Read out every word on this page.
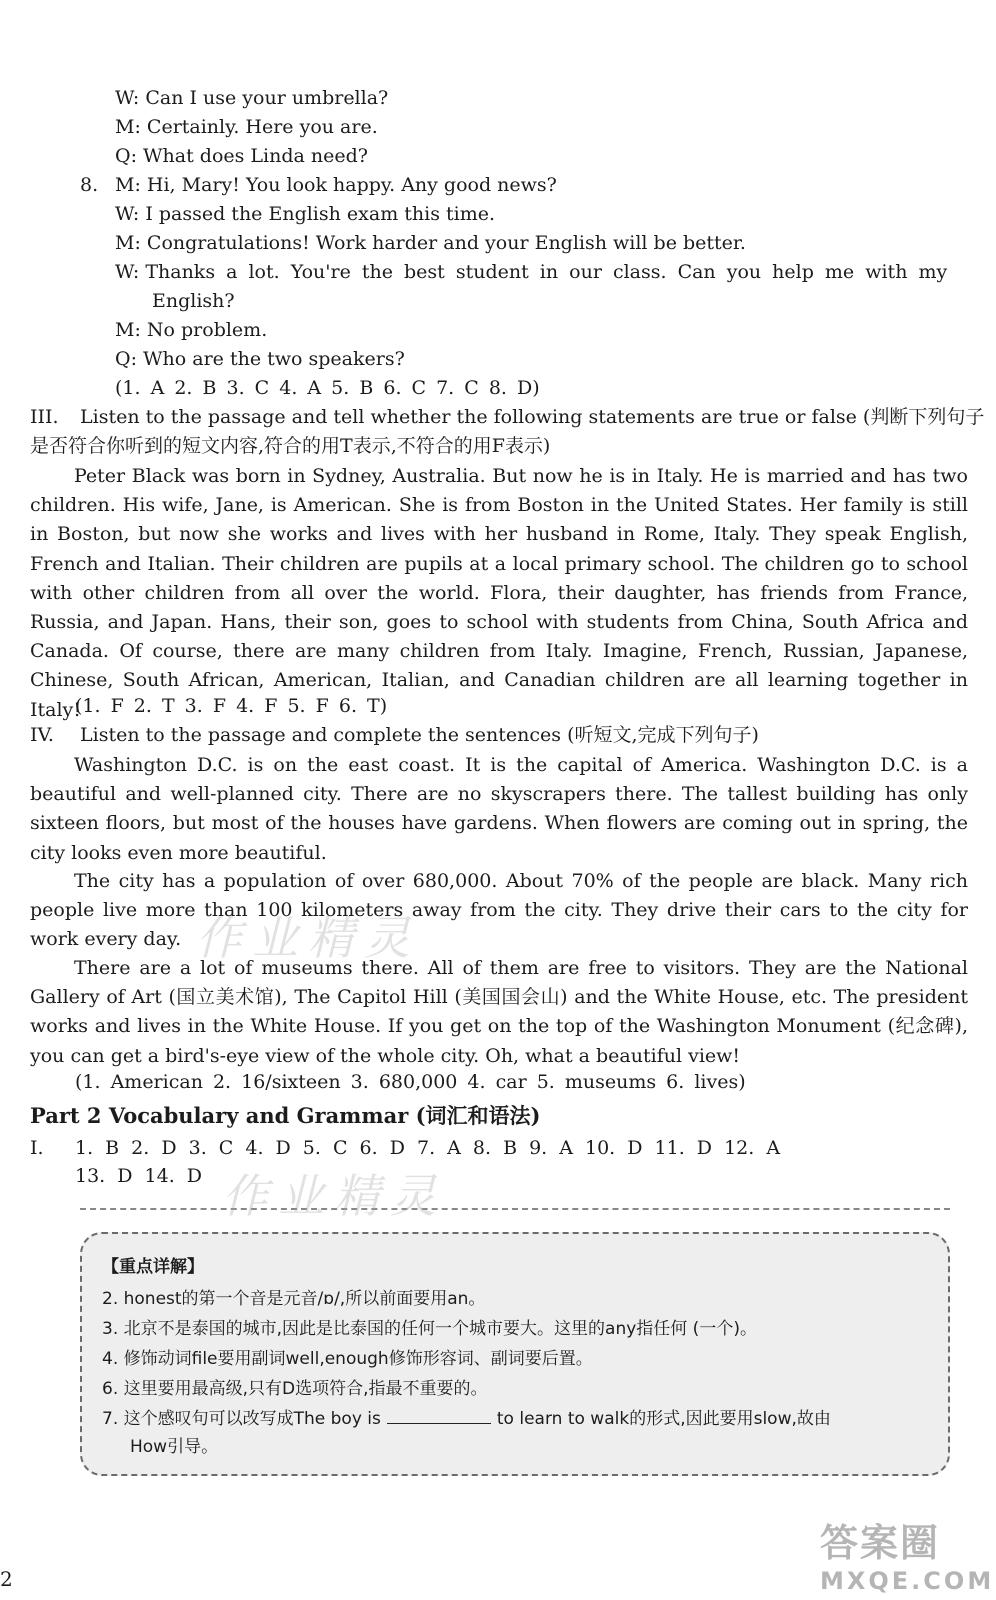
W: Can I use your umbrella?
M: Certainly. Here you are.
Q: What does Linda need?
8. M: Hi, Mary! You look happy. Any good news?
W: I passed the English exam this time.
M: Congratulations! Work harder and your English will be better.
W: Thanks a lot. You're the best student in our class. Can you help me with my
English?
M: No problem.
Q: Who are the two speakers?
(1. A 2. B 3. C 4. A 5. B 6. C 7. C 8. D)
III. Listen to the passage and tell whether the following statements are true or false (判断下列句子
是否符合你听到的短文内容,符合的用T表示,不符合的用F表示)

Peter Black was born in Sydney, Australia. But now he is in Italy. He is married and has two children. His wife, Jane, is American. She is from Boston in the United States. Her family is still in Boston, but now she works and lives with her husband in Rome, Italy. They speak English, French and Italian. Their children are pupils at a local primary school. The children go to school with other children from all over the world. Flora, their daughter, has friends from France, Russia, and Japan. Hans, their son, goes to school with students from China, South Africa and Canada. Of course, there are many children from Italy. Imagine, French, Russian, Japanese, Chinese, South African, American, Italian, and Canadian children are all learning together in Italy!

(1. F 2. T 3. F 4. F 5. F 6. T)
IV. Listen to the passage and complete the sentences (听短文,完成下列句子)

Washington D.C. is on the east coast. It is the capital of America. Washington D.C. is a beautiful and well-planned city. There are no skyscrapers there. The tallest building has only sixteen floors, but most of the houses have gardens. When flowers are coming out in spring, the city looks even more beautiful.

The city has a population of over 680,000. About 70% of the people are black. Many rich people live more than 100 kilometers away from the city. They drive their cars to the city for work every day.

There are a lot of museums there. All of them are free to visitors. They are the National Gallery of Art (国立美术馆), The Capitol Hill (美国国会山) and the White House, etc. The president works and lives in the White House. If you get on the top of the Washington Monument (纪念碑), you can get a bird's-eye view of the whole city. Oh, what a beautiful view!

(1. American 2. 16/sixteen 3. 680,000 4. car 5. museums 6. lives)
Part 2 Vocabulary and Grammar (词汇和语法)
I. 1. B 2. D 3. C 4. D 5. C 6. D 7. A 8. B 9. A 10. D 11. D 12. A
13. D 14. D
【重点详解】
2. honest的第一个音是元音/ɒ/,所以前面要用an。
3. 北京不是泰国的城市,因此是比泰国的任何一个城市要大。这里的any指任何 (一个)。
4. 修饰动词file要用副词well,enough修饰形容词、副词要后置。
6. 这里要用最高级,只有D选项符合,指最不重要的。
7. 这个感叹句可以改写成The boy is	to learn to walk的形式,因此要用slow,故由
How引导。
作业精灵
作业精灵
2
答案圈
MXQE.COM
